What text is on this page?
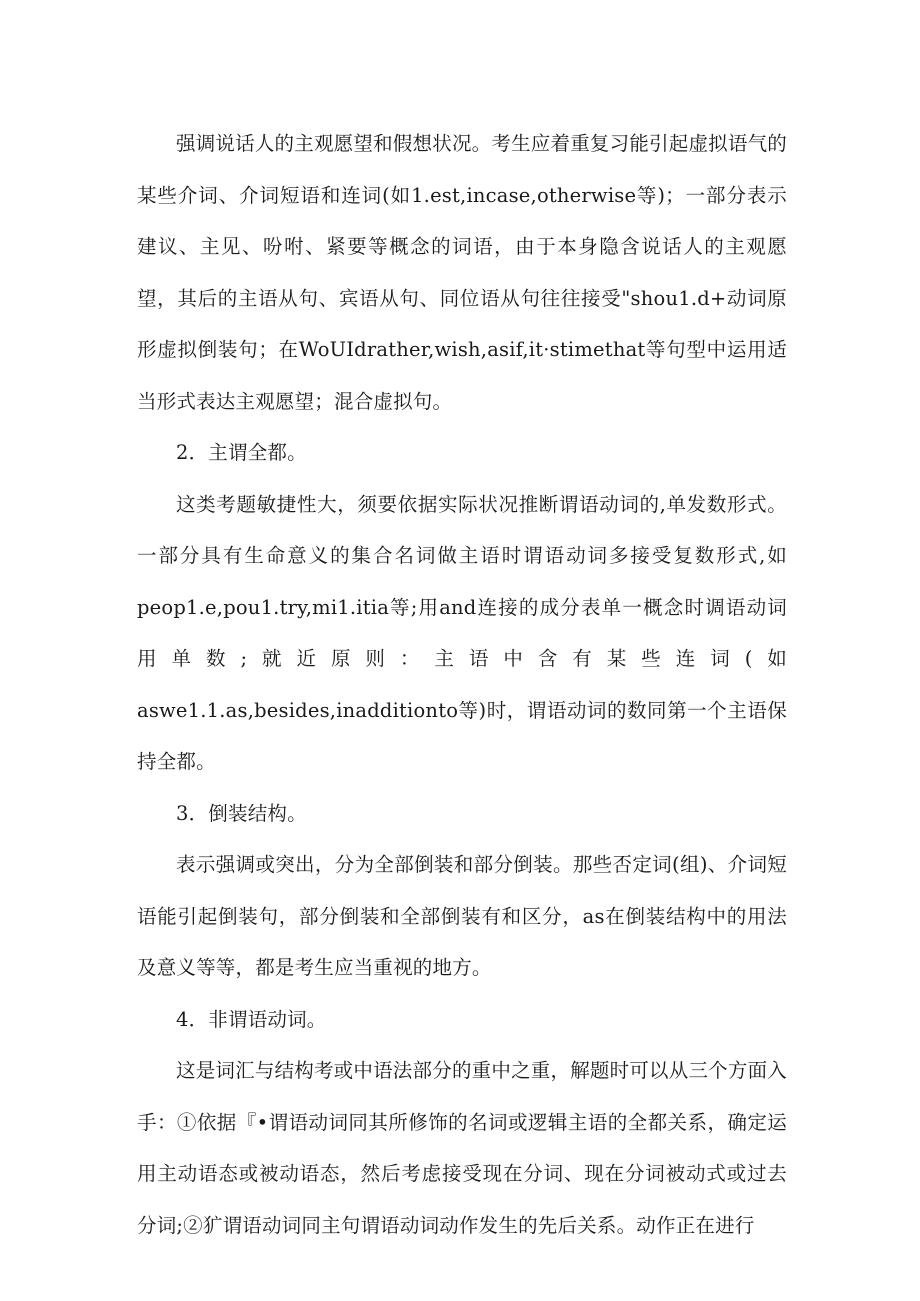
强调说话人的主观愿望和假想状况。考生应着重复习能引起虚拟语气的某些介词、介词短语和连词(如1.est,incase,otherwise等)；一部分表示建议、主见、吩咐、紧要等概念的词语，由于本身隐含说话人的主观愿望，其后的主语从句、宾语从句、同位语从句往往接受"shou1.d+动词原形虚拟倒装句；在WoUIdrather,wish,asif,it·stimethat等句型中运用适当形式表达主观愿望；混合虚拟句。

2．主谓全都。

这类考题敏捷性大，须要依据实际状况推断谓语动词的,单发数形式。一部分具有生命意义的集合名词做主语时谓语动词多接受复数形式,如peop1.e,pou1.try,mi1.itia等;用and连接的成分表单一概念时调语动词用单数;就近原则：主语中含有某些连词(如aswe1.1.as,besides,inadditionto等)时，谓语动词的数同第一个主语保持全都。

3．倒装结构。

表示强调或突出，分为全部倒装和部分倒装。那些否定词(组)、介词短语能引起倒装句，部分倒装和全部倒装有和区分，as在倒装结构中的用法及意义等等，都是考生应当重视的地方。

4．非谓语动词。

这是词汇与结构考或中语法部分的重中之重，解题时可以从三个方面入手：①依据『•谓语动词同其所修饰的名词或逻辑主语的全都关系，确定运用主动语态或被动语态，然后考虑接受现在分词、现在分词被动式或过去分词;②犷谓语动词同主句谓语动词动作发生的先后关系。动作正在进行
